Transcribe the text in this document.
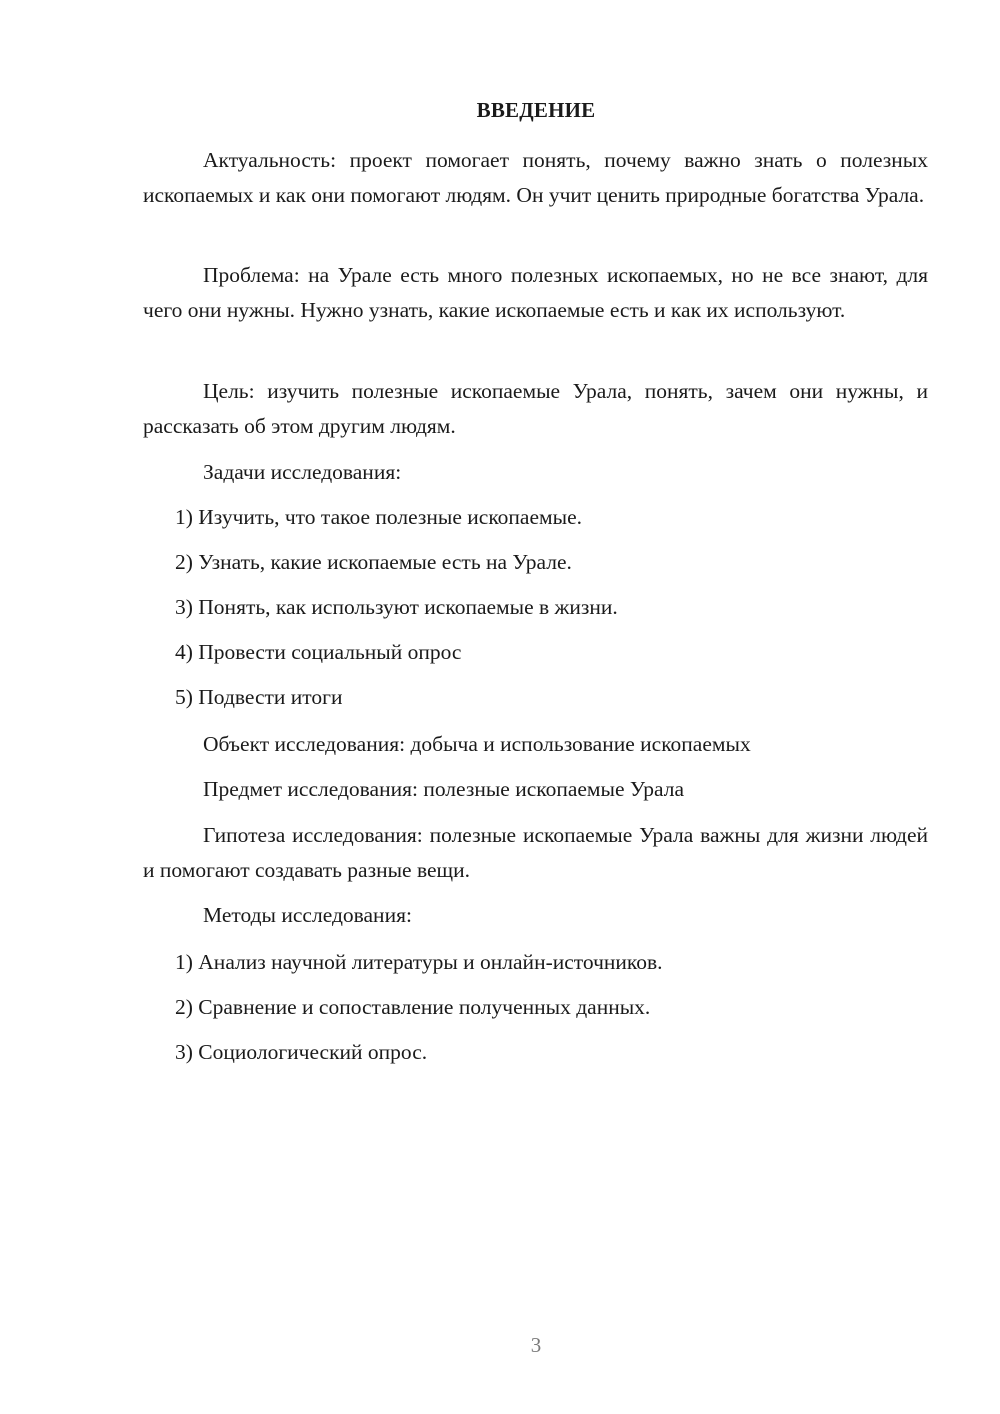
ВВЕДЕНИЕ

Актуальность: проект помогает понять, почему важно знать о полезных ископаемых и как они помогают людям. Он учит ценить природные богатства Урала.

Проблема: на Урале есть много полезных ископаемых, но не все знают, для чего они нужны. Нужно узнать, какие ископаемые есть и как их используют.

Цель: изучить полезные ископаемые Урала, понять, зачем они нужны, и рассказать об этом другим людям.

Задачи исследования:

1) Изучить, что такое полезные ископаемые.

2) Узнать, какие ископаемые есть на Урале.

3) Понять, как используют ископаемые в жизни.

4) Провести социальный опрос

5) Подвести итоги

Объект исследования: добыча и использование ископаемых

Предмет исследования: полезные ископаемые Урала

Гипотеза исследования: полезные ископаемые Урала важны для жизни людей и помогают создавать разные вещи.

Методы исследования:

1) Анализ научной литературы и онлайн-источников.

2) Сравнение и сопоставление полученных данных.

3) Социологический опрос.

3
